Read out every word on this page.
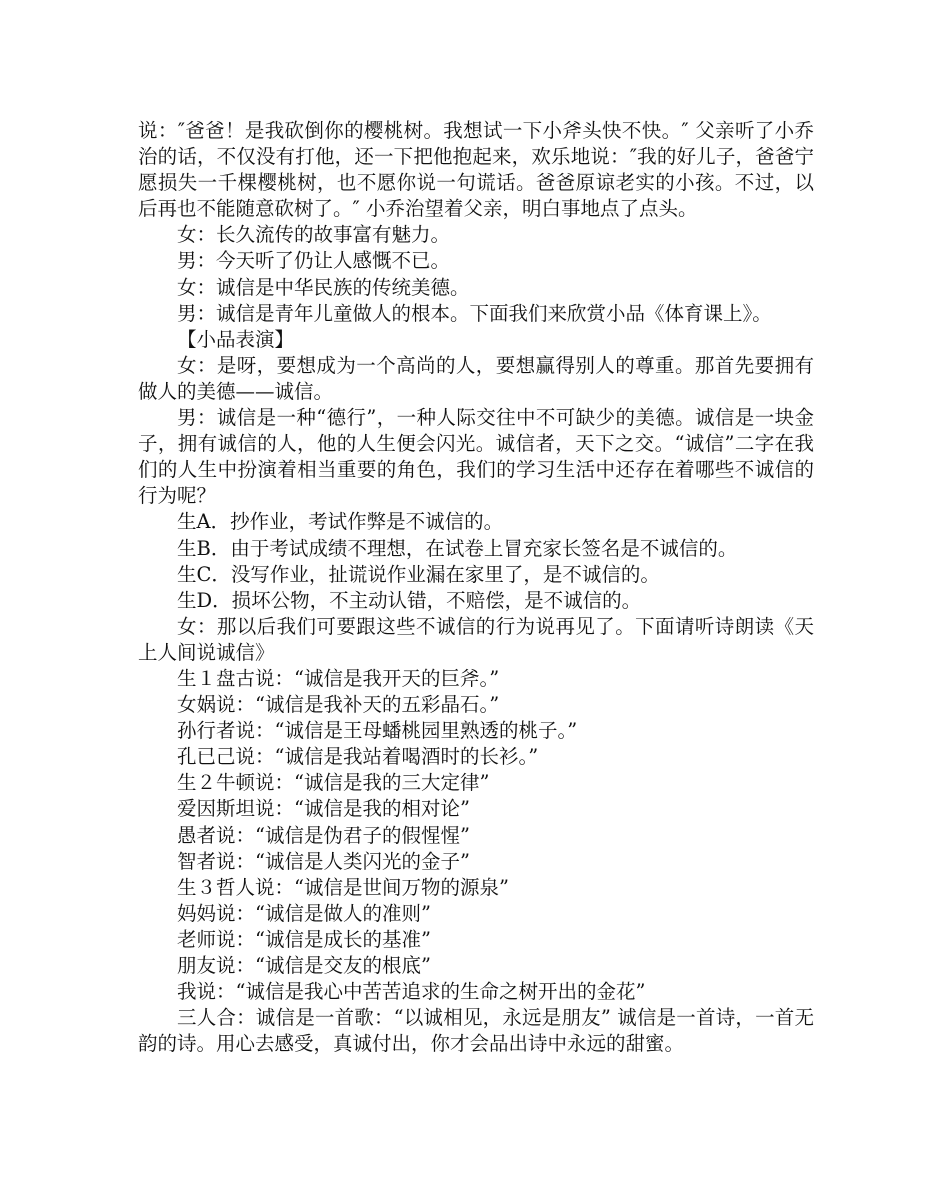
说：″爸爸！是我砍倒你的樱桃树。我想试一下小斧头快不快。″ 父亲听了小乔治的话，不仅没有打他，还一下把他抱起来，欢乐地说：″我的好儿子，爸爸宁愿损失一千棵樱桃树，也不愿你说一句谎话。爸爸原谅老实的小孩。不过，以后再也不能随意砍树了。″ 小乔治望着父亲，明白事地点了点头。

女：长久流传的故事富有魅力。

男：今天听了仍让人感慨不已。

女：诚信是中华民族的传统美德。

男：诚信是青年儿童做人的根本。下面我们来欣赏小品《体育课上》。

【小品表演】

女：是呀，要想成为一个高尚的人，要想赢得别人的尊重。那首先要拥有做人的美德——诚信。

男：诚信是一种“德行”，一种人际交往中不可缺少的美德。诚信是一块金子，拥有诚信的人，他的人生便会闪光。诚信者，天下之交。“诚信”二字在我们的人生中扮演着相当重要的角色，我们的学习生活中还存在着哪些不诚信的行为呢？

生A．抄作业，考试作弊是不诚信的。

生B．由于考试成绩不理想，在试卷上冒充家长签名是不诚信的。

生C．没写作业，扯谎说作业漏在家里了，是不诚信的。

生D．损坏公物，不主动认错，不赔偿，是不诚信的。

女：那以后我们可要跟这些不诚信的行为说再见了。下面请听诗朗读《天上人间说诚信》

生１盘古说：“诚信是我开天的巨斧。”

女娲说：“诚信是我补天的五彩晶石。”

孙行者说：“诚信是王母蟠桃园里熟透的桃子。”

孔已己说：“诚信是我站着喝酒时的长衫。”

生２牛顿说：“诚信是我的三大定律”

爱因斯坦说：“诚信是我的相对论”

愚者说：“诚信是伪君子的假惺惺”

智者说：“诚信是人类闪光的金子”

生３哲人说：“诚信是世间万物的源泉”

妈妈说：“诚信是做人的准则”

老师说：“诚信是成长的基准”

朋友说：“诚信是交友的根底”

我说：“诚信是我心中苦苦追求的生命之树开出的金花”

三人合：诚信是一首歌：“以诚相见，永远是朋友” 诚信是一首诗，一首无韵的诗。用心去感受，真诚付出，你才会品出诗中永远的甜蜜。
